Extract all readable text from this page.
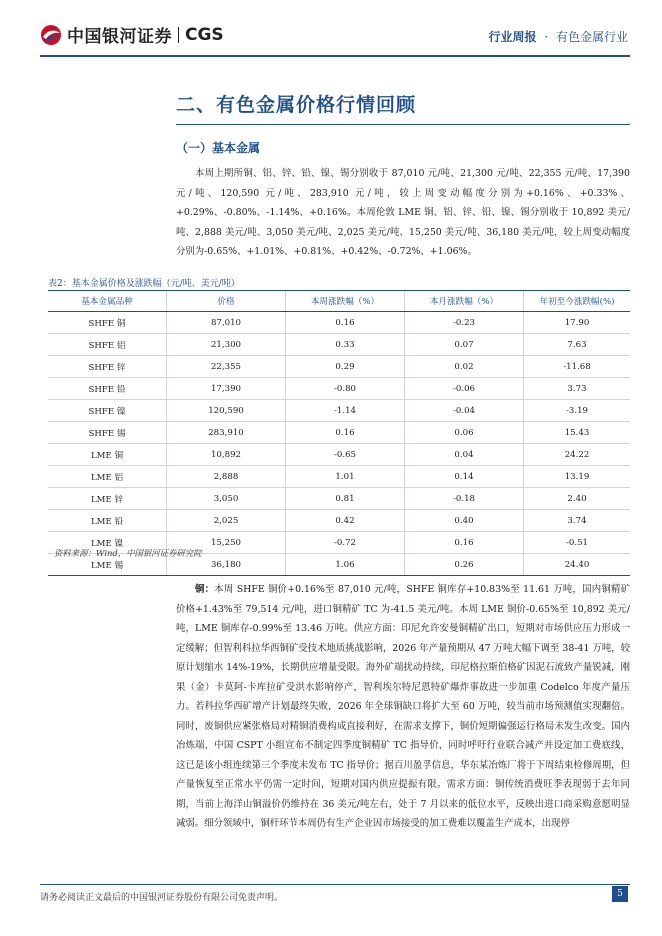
中国银河证券 CGS	行业周报 · 有色金属行业
二、有色金属价格行情回顾
（一）基本金属
本周上期所铜、铝、锌、铅、镍、锡分别收于 87,010 元/吨、21,300 元/吨、22,355 元/吨、17,390 元/吨、120,590 元/吨、283,910 元/吨，较上周变动幅度分别为+0.16%、+0.33%、+0.29%、-0.80%、-1.14%、+0.16%。本周伦敦 LME 铜、铝、锌、铅、镍、锡分别收于 10,892 美元/吨、2,888 美元/吨、3,050 美元/吨、2,025 美元/吨、15,250 美元/吨、36,180 美元/吨，较上周变动幅度分别为-0.65%、+1.01%、+0.81%、+0.42%、-0.72%、+1.06%。
表2：基本金属价格及涨跌幅（元/吨、美元/吨）
基本金属品种	价格	本周涨跌幅（%）	本月涨跌幅（%）	年初至今涨跌幅(%)
SHFE 铜	87,010	0.16	-0.23	17.90
SHFE 铝	21,300	0.33	0.07	7.63
SHFE 锌	22,355	0.29	0.02	-11.68
SHFE 铅	17,390	-0.80	-0.06	3.73
SHFE 镍	120,590	-1.14	-0.04	-3.19
SHFE 锡	283,910	0.16	0.06	15.43
LME 铜	10,892	-0.65	0.04	24.22
LME 铝	2,888	1.01	0.14	13.19
LME 锌	3,050	0.81	-0.18	2.40
LME 铅	2,025	0.42	0.40	3.74
LME 镍	15,250	-0.72	0.16	-0.51
LME 锡	36,180	1.06	0.26	24.40
资料来源：Wind，中国银河证券研究院
铜：本周 SHFE 铜价+0.16%至 87,010 元/吨，SHFE 铜库存+10.83%至 11.61 万吨，国内铜精矿价格+1.43%至 79,514 元/吨，进口铜精矿 TC 为-41.5 美元/吨。本周 LME 铜价-0.65%至 10,892 美元/吨，LME 铜库存-0.99%至 13.46 万吨。供应方面：印尼允许安曼铜精矿出口，短期对市场供应压力形成一定缓解；但智利科拉华西铜矿受技术地质挑战影响，2026 年产量预期从 47 万吨大幅下调至 38-41 万吨，较原计划缩水 14%-19%，长期供应增量受限。海外矿端扰动持续，印尼格拉斯伯格矿因泥石流致产量锐减，刚果（金）卡莫阿-卡库拉矿受洪水影响停产，智利埃尔特尼恩特矿爆炸事故进一步加重 Codelco 年度产量压力。若科拉华西矿增产计划最终失败，2026 年全球铜缺口将扩大至 60 万吨，较当前市场预测值实现翻倍。同时，废铜供应紧张格局对精铜消费构成直接利好，在需求支撑下，铜价短期偏强运行格局未发生改变。国内冶炼端，中国 CSPT 小组宣布不制定四季度铜精矿 TC 指导价，同时呼吁行业联合减产并设定加工费底线，这已是该小组连续第三个季度未发布 TC 指导价；据百川盈孚信息，华东某冶炼厂将于下周结束检修周期，但产量恢复至正常水平仍需一定时间，短期对国内供应提振有限。需求方面：铜传统消费旺季表现弱于去年同期，当前上海洋山铜溢价仍维持在 36 美元/吨左右，处于 7 月以来的低位水平，反映出进口商采购意愿明显减弱。细分领域中，铜杆环节本周仍有生产企业因市场接受的加工费难以覆盖生产成本，出现停
请务必阅读正文最后的中国银河证券股份有限公司免责声明。	5
